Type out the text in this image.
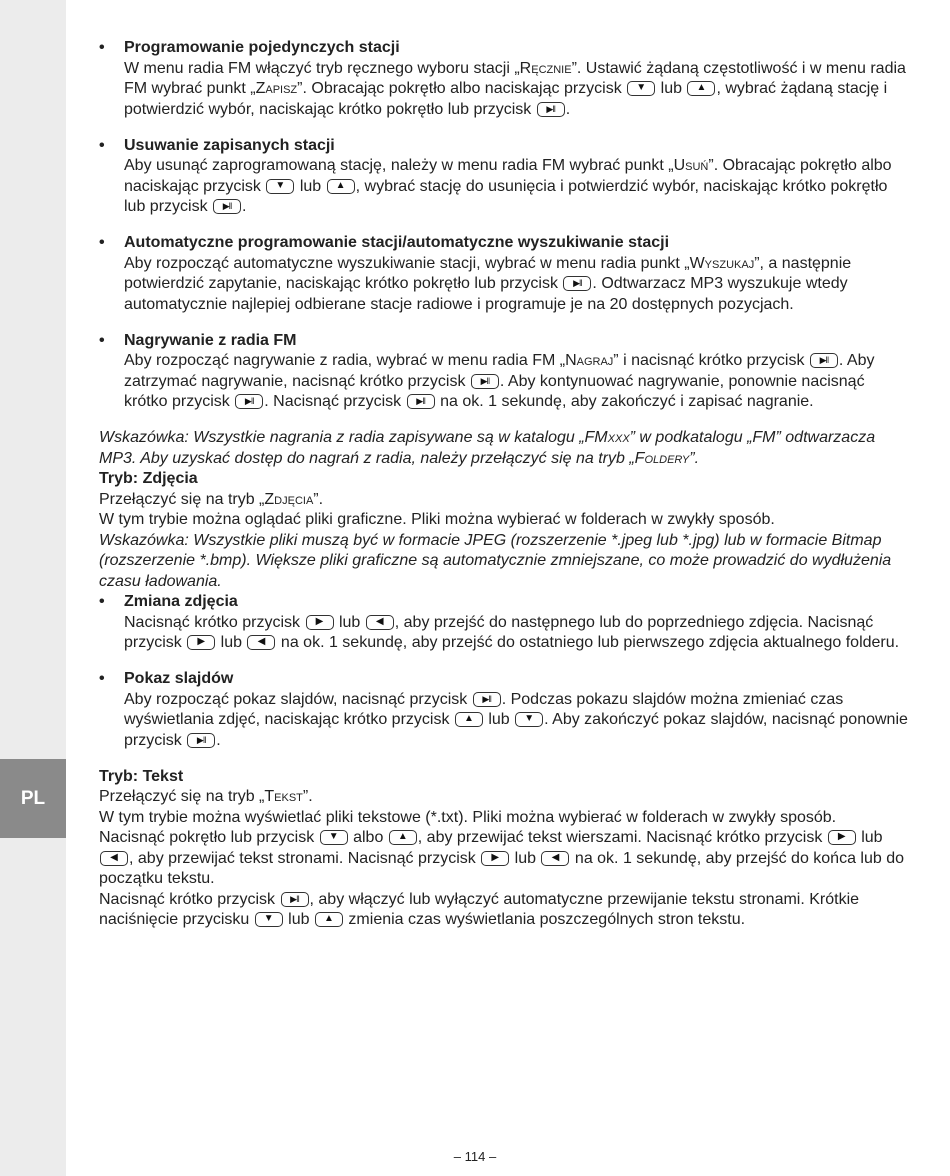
PL
• Programowanie pojedynczych stacji
W menu radia FM włączyć tryb ręcznego wyboru stacji „Ręcznie”. Ustawić żądaną częstotliwość i w menu radia FM wybrać punkt „Zapisz”. Obracając pokrętło albo naciskając przycisk ▼ lub ▲, wybrać żądaną stację i potwierdzić wybór, naciskając krótko pokrętło lub przycisk ▶‖.
• Usuwanie zapisanych stacji
Aby usunąć zaprogramowaną stację, należy w menu radia FM wybrać punkt „Usuń”. Obracając pokrętło albo naciskając przycisk ▼ lub ▲, wybrać stację do usunięcia i potwierdzić wybór, naciskając krótko pokrętło lub przycisk ▶‖.
• Automatyczne programowanie stacji/automatyczne wyszukiwanie stacji
Aby rozpocząć automatyczne wyszukiwanie stacji, wybrać w menu radia punkt „Wyszukaj”, a następnie potwierdzić zapytanie, naciskając krótko pokrętło lub przycisk ▶‖. Odtwarzacz MP3 wyszukuje wtedy automatycznie najlepiej odbierane stacje radiowe i programuje je na 20 dostępnych pozycjach.
• Nagrywanie z radia FM
Aby rozpocząć nagrywanie z radia, wybrać w menu radia FM „Nagraj” i nacisnąć krótko przycisk ▶‖. Aby zatrzymać nagrywanie, nacisnąć krótko przycisk ▶‖. Aby kontynuować nagrywanie, ponownie nacisnąć krótko przycisk ▶‖. Nacisnąć przycisk ▶‖ na ok. 1 sekundę, aby zakończyć i zapisać nagranie.

Wskazówka: Wszystkie nagrania z radia zapisywane są w katalogu „FMxxx” w podkatalogu „FM” odtwarzacza MP3. Aby uzyskać dostęp do nagrań z radia, należy przełączyć się na tryb „Foldery”.

Tryb: Zdjęcia

Przełączyć się na tryb „Zdjęcia”.

W tym trybie można oglądać pliki graficzne. Pliki można wybierać w folderach w zwykły sposób.

Wskazówka: Wszystkie pliki muszą być w formacie JPEG (rozszerzenie *.jpeg lub *.jpg) lub w formacie Bitmap (rozszerzenie *.bmp). Większe pliki graficzne są automatycznie zmniejszane, co może prowadzić do wydłużenia czasu ładowania.

• Zmiana zdjęcia
Nacisnąć krótko przycisk ▶ lub ◀, aby przejść do następnego lub do poprzedniego zdjęcia. Nacisnąć przycisk ▶ lub ◀ na ok. 1 sekundę, aby przejść do ostatniego lub pierwszego zdjęcia aktualnego folderu.
• Pokaz slajdów
Aby rozpocząć pokaz slajdów, nacisnąć przycisk ▶‖. Podczas pokazu slajdów można zmieniać czas wyświetlania zdjęć, naciskając krótko przycisk ▲ lub ▼. Aby zakończyć pokaz slajdów, nacisnąć ponownie przycisk ▶‖.

Tryb: Tekst

Przełączyć się na tryb „Tekst”.

W tym trybie można wyświetlać pliki tekstowe (*.txt). Pliki można wybierać w folderach w zwykły sposób.

Nacisnąć pokrętło lub przycisk ▼ albo ▲, aby przewijać tekst wierszami. Nacisnąć krótko przycisk ▶ lub ◀, aby przewijać tekst stronami. Nacisnąć przycisk ▶ lub ◀ na ok. 1 sekundę, aby przejść do końca lub do początku tekstu.

Nacisnąć krótko przycisk ▶‖, aby włączyć lub wyłączyć automatyczne przewijanie tekstu stronami. Krótkie naciśnięcie przycisku ▼ lub ▲ zmienia czas wyświetlania poszczególnych stron tekstu.

– 114 –
